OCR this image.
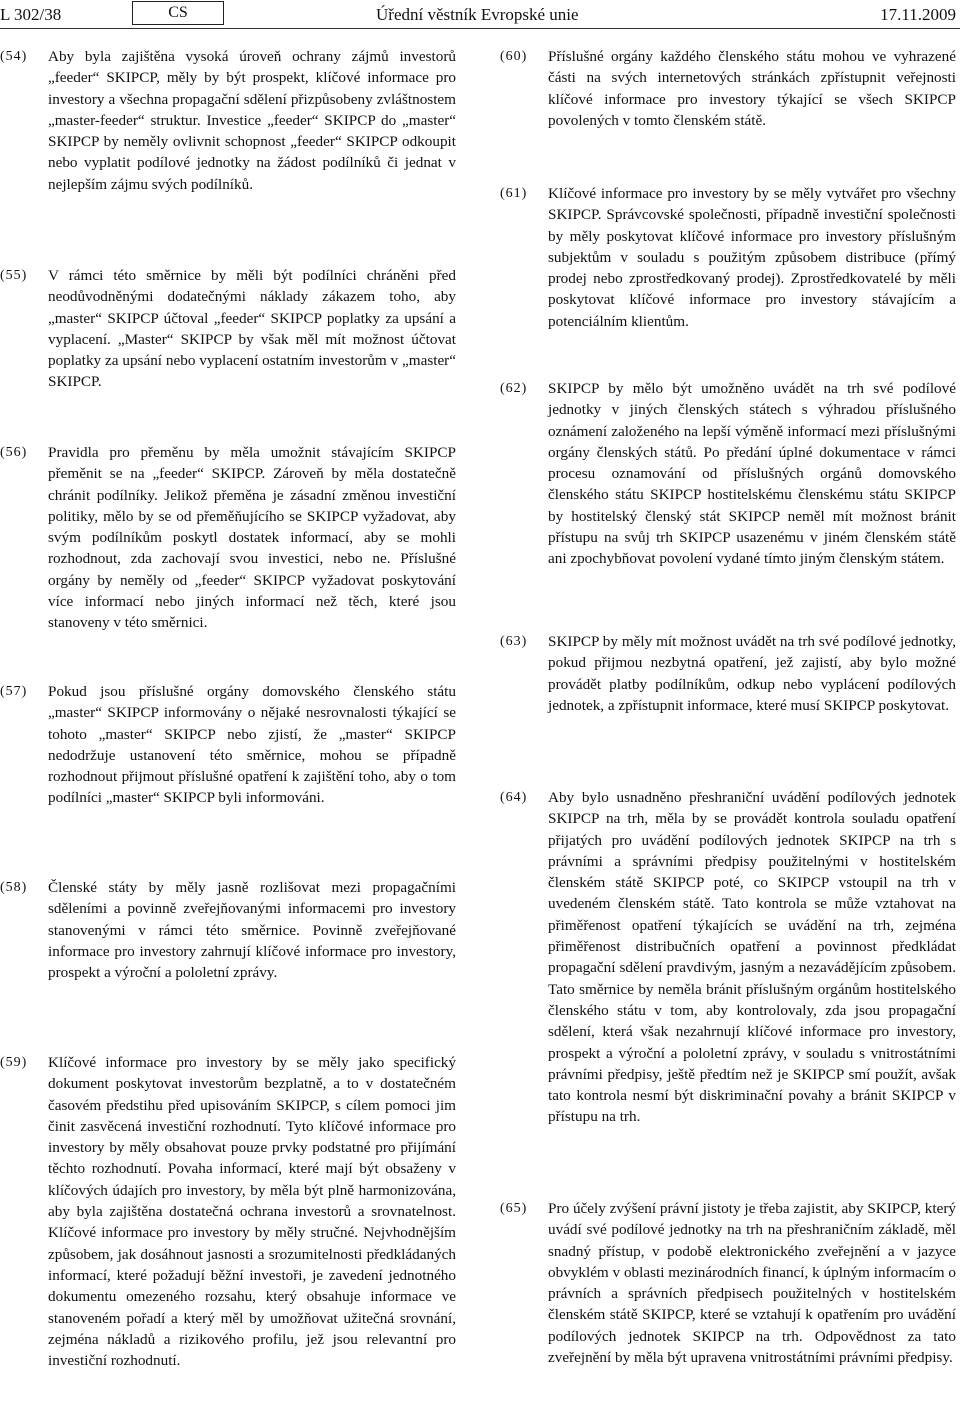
L 302/38	CS	Úřední věstník Evropské unie	17.11.2009
(54) Aby byla zajištěna vysoká úroveň ochrany zájmů investorů „feeder“ SKIPCP, měly by být prospekt, klíčové informace pro investory a všechna propagační sdělení přizpůsobeny zvláštnostem „master-feeder“ struktur. Investice „feeder“ SKIPCP do „master“ SKIPCP by neměly ovlivnit schopnost „feeder“ SKIPCP odkoupit nebo vyplatit podílové jednotky na žádost podílníků či jednat v nejlepším zájmu svých podílníků.
(55) V rámci této směrnice by měli být podílníci chráněni před neodůvodněnými dodatečnými náklady zákazem toho, aby „master“ SKIPCP účtoval „feeder“ SKIPCP poplatky za upsání a vyplacení. „Master“ SKIPCP by však měl mít možnost účtovat poplatky za upsání nebo vyplacení ostatním investorům v „master“ SKIPCP.
(56) Pravidla pro přeměnu by měla umožnit stávajícím SKIPCP přeměnit se na „feeder“ SKIPCP. Zároveň by měla dostatečně chránit podílníky. Jelikož přeměna je zásadní změnou investiční politiky, mělo by se od přeměňujícího se SKIPCP vyžadovat, aby svým podílníkům poskytl dostatek informací, aby se mohli rozhodnout, zda zachovají svou investici, nebo ne. Příslušné orgány by neměly od „feeder“ SKIPCP vyžadovat poskytování více informací nebo jiných informací než těch, které jsou stanoveny v této směrnici.
(57) Pokud jsou příslušné orgány domovského členského státu „master“ SKIPCP informovány o nějaké nesrovnalosti týkající se tohoto „master“ SKIPCP nebo zjistí, že „master“ SKIPCP nedodržuje ustanovení této směrnice, mohou se případně rozhodnout přijmout příslušné opatření k zajištění toho, aby o tom podílníci „master“ SKIPCP byli informováni.
(58) Členské státy by měly jasně rozlišovat mezi propagačními sděleními a povinně zveřejňovanými informacemi pro investory stanovenými v rámci této směrnice. Povinně zveřejňované informace pro investory zahrnují klíčové informace pro investory, prospekt a výroční a pololetní zprávy.
(59) Klíčové informace pro investory by se měly jako specifický dokument poskytovat investorům bezplatně, a to v dostatečném časovém předstihu před upisováním SKIPCP, s cílem pomoci jim činit zasvěcená investiční rozhodnutí. Tyto klíčové informace pro investory by měly obsahovat pouze prvky podstatné pro přijímání těchto rozhodnutí. Povaha informací, které mají být obsaženy v klíčových údajích pro investory, by měla být plně harmonizována, aby byla zajištěna dostatečná ochrana investorů a srovnatelnost. Klíčové informace pro investory by měly stručné. Nejvhodnějším způsobem, jak dosáhnout jasnosti a srozumitelnosti předkládaných informací, které požadují běžní investoři, je zavedení jednotného dokumentu omezeného rozsahu, který obsahuje informace ve stanoveném pořadí a který měl by umožňovat užitečná srovnání, zejména nákladů a rizikového profilu, jež jsou relevantní pro investiční rozhodnutí.
(60) Příslušné orgány každého členského státu mohou ve vyhrazené části na svých internetových stránkách zpřístupnit veřejnosti klíčové informace pro investory týkající se všech SKIPCP povolených v tomto členském státě.
(61) Klíčové informace pro investory by se měly vytvářet pro všechny SKIPCP. Správcovské společnosti, případně investiční společnosti by měly poskytovat klíčové informace pro investory příslušným subjektům v souladu s použitým způsobem distribuce (přímý prodej nebo zprostředkovaný prodej). Zprostředkovatelé by měli poskytovat klíčové informace pro investory stávajícím a potenciálním klientům.
(62) SKIPCP by mělo být umožněno uvádět na trh své podílové jednotky v jiných členských státech s výhradou příslušného oznámení založeného na lepší výměně informací mezi příslušnými orgány členských států. Po předání úplné dokumentace v rámci procesu oznamování od příslušných orgánů domovského členského státu SKIPCP hostitelskému členskému státu SKIPCP by hostitelský členský stát SKIPCP neměl mít možnost bránit přístupu na svůj trh SKIPCP usazenému v jiném členském státě ani zpochybňovat povolení vydané tímto jiným členským státem.
(63) SKIPCP by měly mít možnost uvádět na trh své podílové jednotky, pokud přijmou nezbytná opatření, jež zajistí, aby bylo možné provádět platby podílníkům, odkup nebo vyplácení podílových jednotek, a zpřístupnit informace, které musí SKIPCP poskytovat.
(64) Aby bylo usnadněno přeshraniční uvádění podílových jednotek SKIPCP na trh, měla by se provádět kontrola souladu opatření přijatých pro uvádění podílových jednotek SKIPCP na trh s právními a správními předpisy použitelnými v hostitelském členském státě SKIPCP poté, co SKIPCP vstoupil na trh v uvedeném členském státě. Tato kontrola se může vztahovat na přiměřenost opatření týkajících se uvádění na trh, zejména přiměřenost distribučních opatření a povinnost předkládat propagační sdělení pravdivým, jasným a nezavádějícím způsobem. Tato směrnice by neměla bránit příslušným orgánům hostitelského členského státu v tom, aby kontrolovaly, zda jsou propagační sdělení, která však nezahrnují klíčové informace pro investory, prospekt a výroční a pololetní zprávy, v souladu s vnitrostátními právními předpisy, ještě předtím než je SKIPCP smí použít, avšak tato kontrola nesmí být diskriminační povahy a bránit SKIPCP v přístupu na trh.
(65) Pro účely zvýšení právní jistoty je třeba zajistit, aby SKIPCP, který uvádí své podílové jednotky na trh na přeshraničním základě, měl snadný přístup, v podobě elektronického zveřejnění a v jazyce obvyklém v oblasti mezinárodních financí, k úplným informacím o právních a správních předpisech použitelných v hostitelském členském státě SKIPCP, které se vztahují k opatřením pro uvádění podílových jednotek SKIPCP na trh. Odpovědnost za tato zveřejnění by měla být upravena vnitrostátními právními předpisy.
